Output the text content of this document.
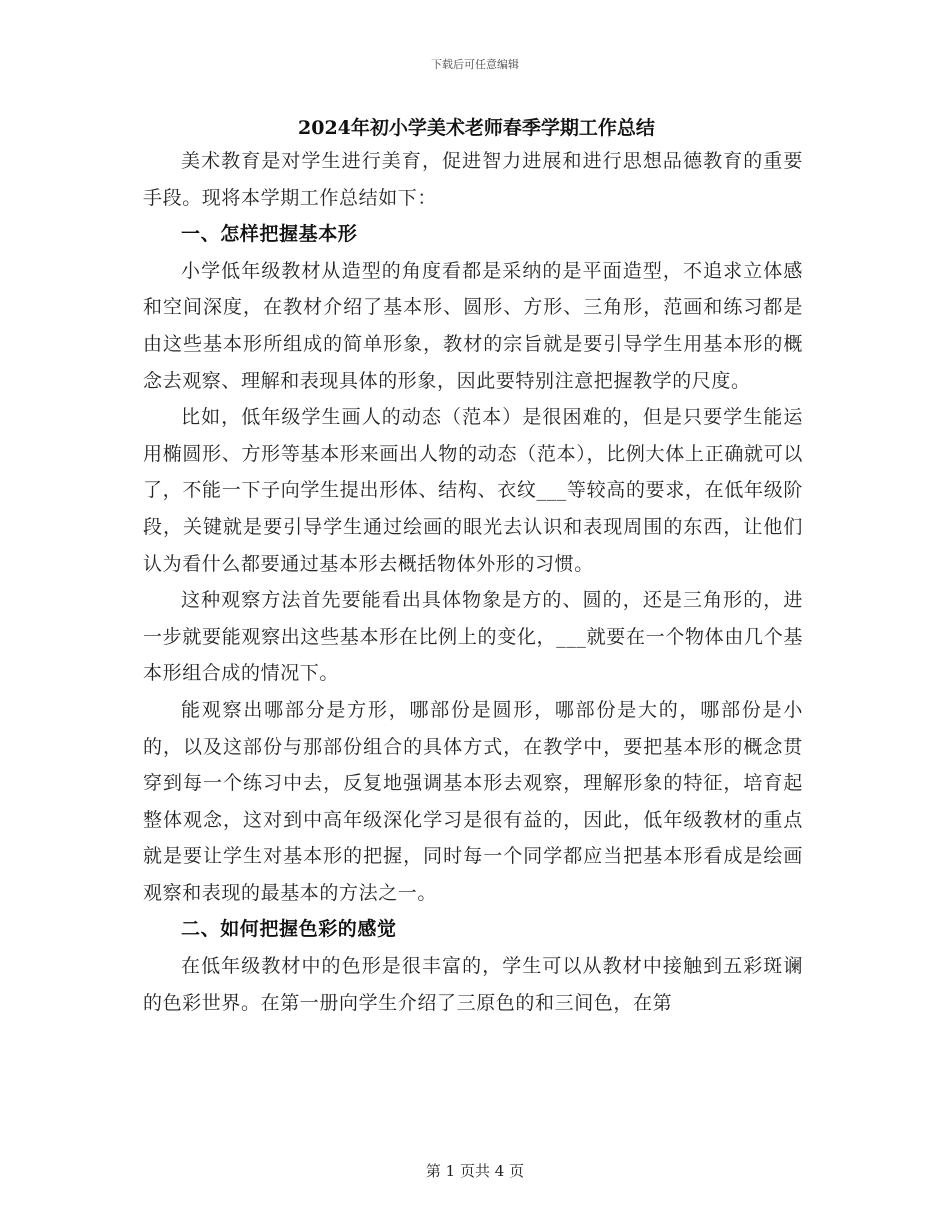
下载后可任意编辑
2024年初小学美术老师春季学期工作总结

美术教育是对学生进行美育，促进智力进展和进行思想品德教育的重要手段。现将本学期工作总结如下：

一、怎样把握基本形

小学低年级教材从造型的角度看都是采纳的是平面造型，不追求立体感和空间深度，在教材介绍了基本形、圆形、方形、三角形，范画和练习都是由这些基本形所组成的简单形象，教材的宗旨就是要引导学生用基本形的概念去观察、理解和表现具体的形象，因此要特别注意把握教学的尺度。

比如，低年级学生画人的动态（范本）是很困难的，但是只要学生能运用椭圆形、方形等基本形来画出人物的动态（范本），比例大体上正确就可以了，不能一下子向学生提出形体、结构、衣纹___等较高的要求，在低年级阶段，关键就是要引导学生通过绘画的眼光去认识和表现周围的东西，让他们认为看什么都要通过基本形去概括物体外形的习惯。

这种观察方法首先要能看出具体物象是方的、圆的，还是三角形的，进一步就要能观察出这些基本形在比例上的变化，___就要在一个物体由几个基本形组合成的情况下。

能观察出哪部分是方形，哪部份是圆形，哪部份是大的，哪部份是小的，以及这部份与那部份组合的具体方式，在教学中，要把基本形的概念贯穿到每一个练习中去，反复地强调基本形去观察，理解形象的特征，培育起整体观念，这对到中高年级深化学习是很有益的，因此，低年级教材的重点就是要让学生对基本形的把握，同时每一个同学都应当把基本形看成是绘画观察和表现的最基本的方法之一。

二、如何把握色彩的感觉

在低年级教材中的色形是很丰富的，学生可以从教材中接触到五彩斑谰的色彩世界。在第一册向学生介绍了三原色的和三间色，在第

第 1 页共 4 页
